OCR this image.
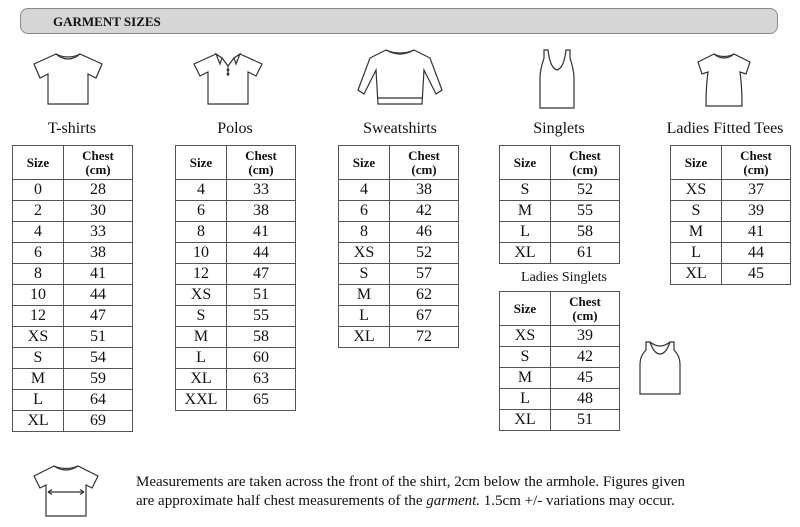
GARMENT SIZES
T-shirts	Polos	Sweatshirts	Singlets
Ladies Singlets
Ladies Fitted Tees
Size	Chest
(cm)
0	28
2	30
4	33
6	38
8	41
10	44
12	47
XS	51
S	54
M	59
L	64
XL	69
Size	Chest
(cm)
4	33
6	38
8	41
10	44
12	47
XS	51
S	55
M	58
L	60
XL	63
XXL	65
Size	Chest
(cm)
4	38
6	42
8	46
XS	52
S	57
M	62
L	67
XL	72
Size	Chest
(cm)
S	52
M	55
L	58
XL	61
Size	Chest
(cm)
XS	39
S	42
M	45
L	48
XL	51
Size	Chest
(cm)
XS	37
S	39
M	41
L	44
XL	45
Measurements are taken across the front of the shirt, 2cm below the armhole. Figures given
are approximate half chest measurements of the garment. 1.5cm +/- variations may occur.
